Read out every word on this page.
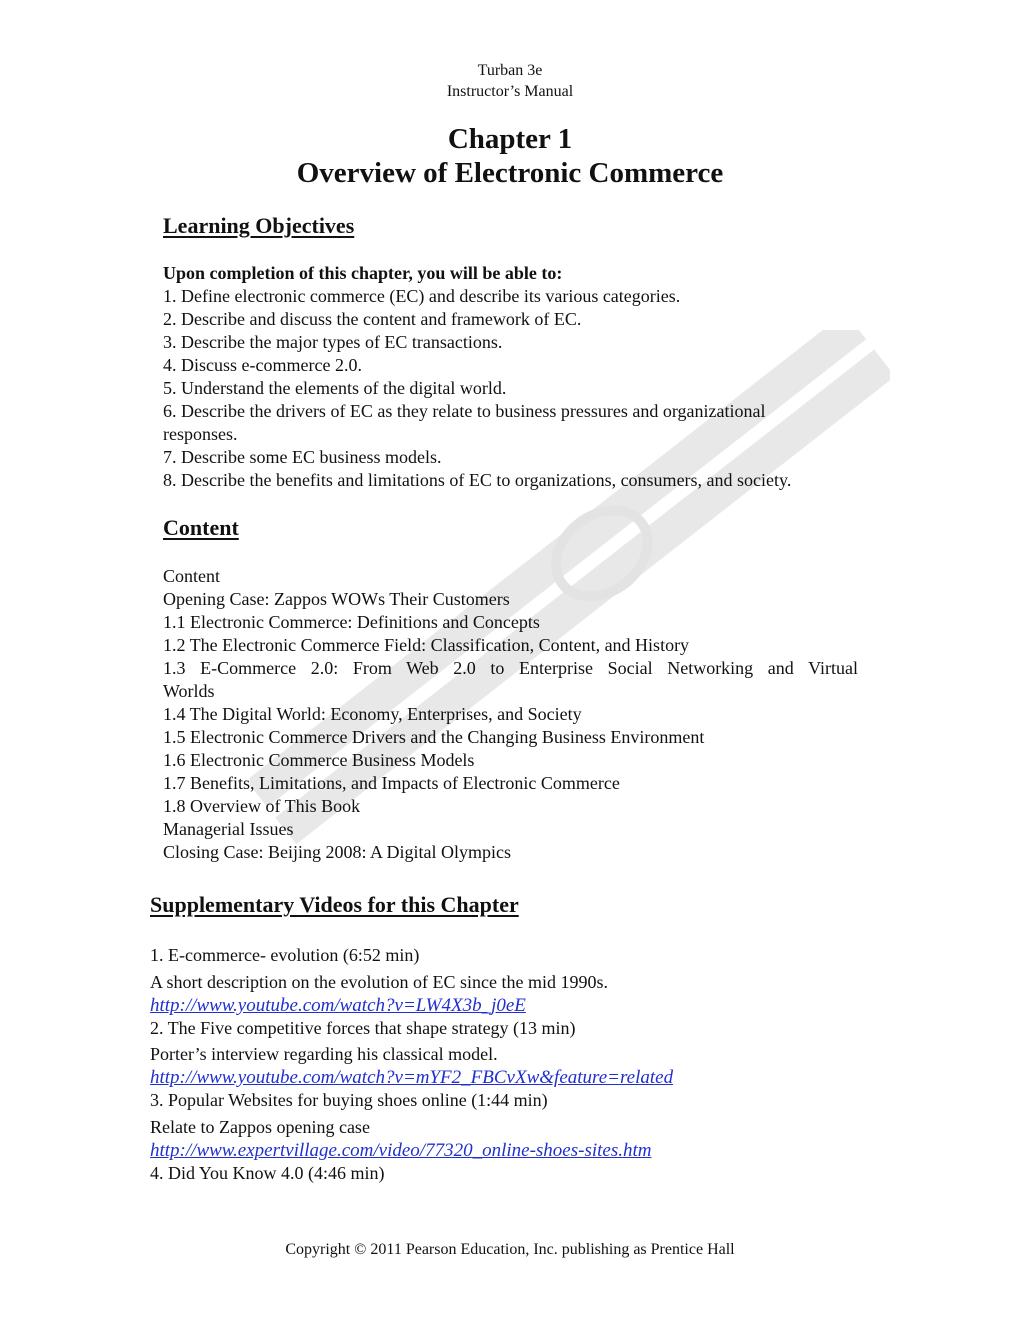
Turban 3e
Instructor’s Manual
Chapter 1
Overview of Electronic Commerce
Learning Objectives
Upon completion of this chapter, you will be able to:
1. Define electronic commerce (EC) and describe its various categories.
2. Describe and discuss the content and framework of EC.
3. Describe the major types of EC transactions.
4. Discuss e-commerce 2.0.
5. Understand the elements of the digital world.
6. Describe the drivers of EC as they relate to business pressures and organizational
responses.
7. Describe some EC business models.
8. Describe the benefits and limitations of EC to organizations, consumers, and society.
Content
Content
Opening Case: Zappos WOWs Their Customers
1.1 Electronic Commerce: Definitions and Concepts
1.2 The Electronic Commerce Field: Classification, Content, and History
1.3 E-Commerce 2.0: From Web 2.0 to Enterprise Social Networking and Virtual
Worlds
1.4 The Digital World: Economy, Enterprises, and Society
1.5 Electronic Commerce Drivers and the Changing Business Environment
1.6 Electronic Commerce Business Models
1.7 Benefits, Limitations, and Impacts of Electronic Commerce
1.8 Overview of This Book
Managerial Issues
Closing Case: Beijing 2008: A Digital Olympics
Supplementary Videos for this Chapter
1. E-commerce- evolution (6:52 min)
A short description on the evolution of EC since the mid 1990s.
http://www.youtube.com/watch?v=LW4X3b_j0eE
2. The Five competitive forces that shape strategy (13 min)
Porter’s interview regarding his classical model.
http://www.youtube.com/watch?v=mYF2_FBCvXw&feature=related
3. Popular Websites for buying shoes online (1:44 min)
Relate to Zappos opening case
http://www.expertvillage.com/video/77320_online-shoes-sites.htm
4. Did You Know 4.0 (4:46 min)
Copyright © 2011 Pearson Education, Inc. publishing as Prentice Hall
